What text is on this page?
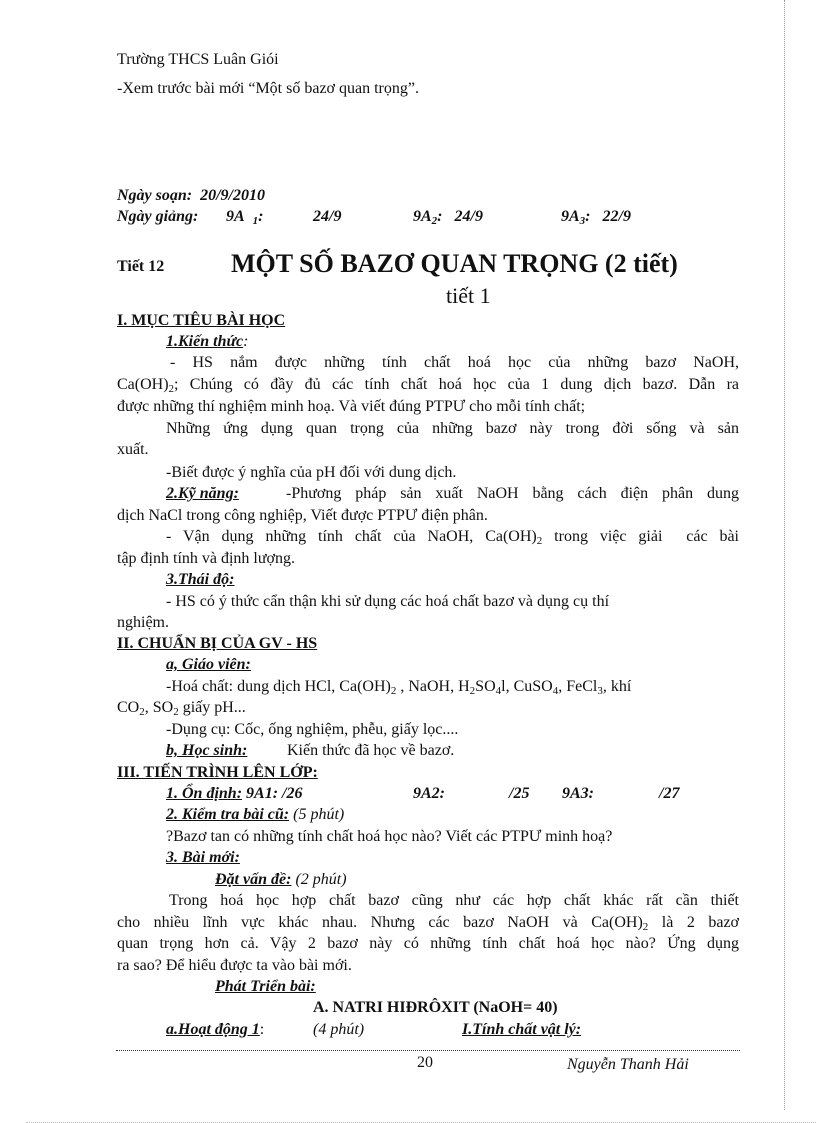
Trường THCS Luân Giói
-Xem trước bài mới “Một số bazơ quan trọng”.
Ngày soạn: 20/9/2010
Ngày giảng: 9A $_1$:	24/9	$9A_2$:   24/9	$9A_3$:   22/9
Tiết 12	MỘT SỐ BAZƠ QUAN TRỌNG (2 tiết)
tiết 1
I. MỤC TIÊU BÀI HỌC
1.Kiến thức:
- HS nắm được những tính chất hoá học của những bazơ NaOH,
$Ca(OH)_2$; Chúng có đầy đủ các tính chất hoá học của 1 dung dịch bazơ. Dẫn ra
được những thí nghiệm minh hoạ. Và viết đúng PTPƯ cho mỗi tính chất;
Những ứng dụng quan trọng của những bazơ này trong đời sống và sản
xuất.
-Biết được ý nghĩa của pH đối với dung dịch.
2.Kỹ năng:	-Phương pháp sản xuất NaOH bằng cách điện phân dung
dịch NaCl trong công nghiệp, Viết được PTPƯ điện phân.
- Vận dụng những tính chất của NaOH, $Ca(OH)_2$ trong việc giải  các bài
tập định tính và định lượng.
3.Thái độ:
- HS có ý thức cẩn thận khi sử dụng các hoá chất bazơ và dụng cụ thí
nghiệm.
II. CHUẨN BỊ CỦA GV - HS
a, Giáo viên:
-Hoá chất: dung dịch HCl, $Ca(OH)_2$ , NaOH, $H_2SO_4l$, CuSO$_4$, FeCl$_3$, khí
$CO_2$, $SO_2$ giấy pH...
-Dụng cụ: Cốc, ống nghiệm, phễu, giấy lọc....
b, Học sinh: Kiến thức đã học về bazơ.
III. TIẾN TRÌNH LÊN LỚP:
1. Ổn định: 9A1: /26	9A2:	/25 9A3:	/27
2. Kiểm tra bài cũ: (5 phút)
?Bazơ tan có những tính chất hoá học nào? Viết các PTPƯ minh hoạ?
3. Bài mới:
Đặt vấn đề: (2 phút)
Trong hoá học hợp chất bazơ cũng như các hợp chất khác rất cần thiết
cho nhiều lĩnh vực khác nhau. Nhưng các bazơ NaOH và $Ca(OH)_2$ là 2 bazơ
quan trọng hơn cả. Vậy 2 bazơ này có những tính chất hoá học nào? Ứng dụng
ra sao? Để hiểu được ta vào bài mới.
Phát Triển bài:
A. NATRI HIĐRÔXIT (NaOH= 40)
a.Hoạt động 1:	(4 phút)	I.Tính chất vật lý:
20	Nguyễn Thanh Hải
